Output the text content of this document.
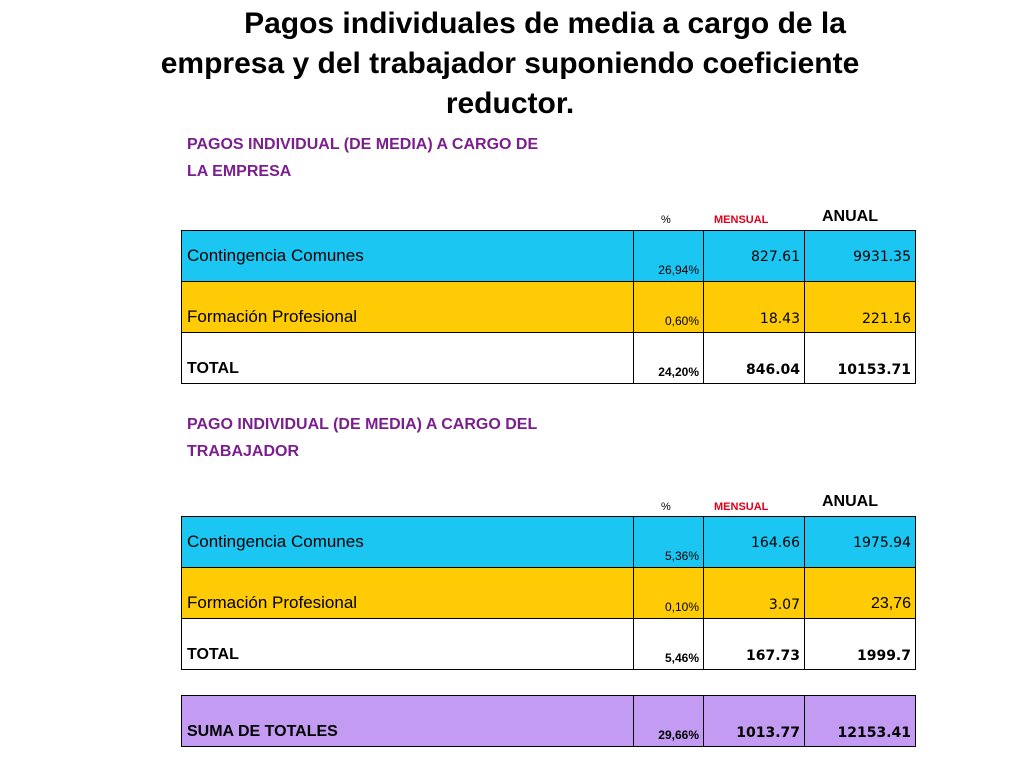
Pagos individuales de media a cargo de la
empresa y del trabajador suponiendo coeficiente
reductor.
PAGOS INDIVIDUAL (DE MEDIA) A CARGO DE
LA EMPRESA
%	MENSUAL	ANUAL
Contingencia Comunes	26,94%	827.61	9931.35

Formación Profesional	0,60%	18.43	221.16

TOTAL	24,20%	846.04	10153.71
PAGO INDIVIDUAL (DE MEDIA) A CARGO DEL
TRABAJADOR
%	MENSUAL	ANUAL
Contingencia Comunes	5,36%	164.66	1975.94

Formación Profesional	0,10%	3.07	23,76

TOTAL	5,46%	167.73	1999.7
SUMA DE TOTALES	29,66%	1013.77	12153.41
